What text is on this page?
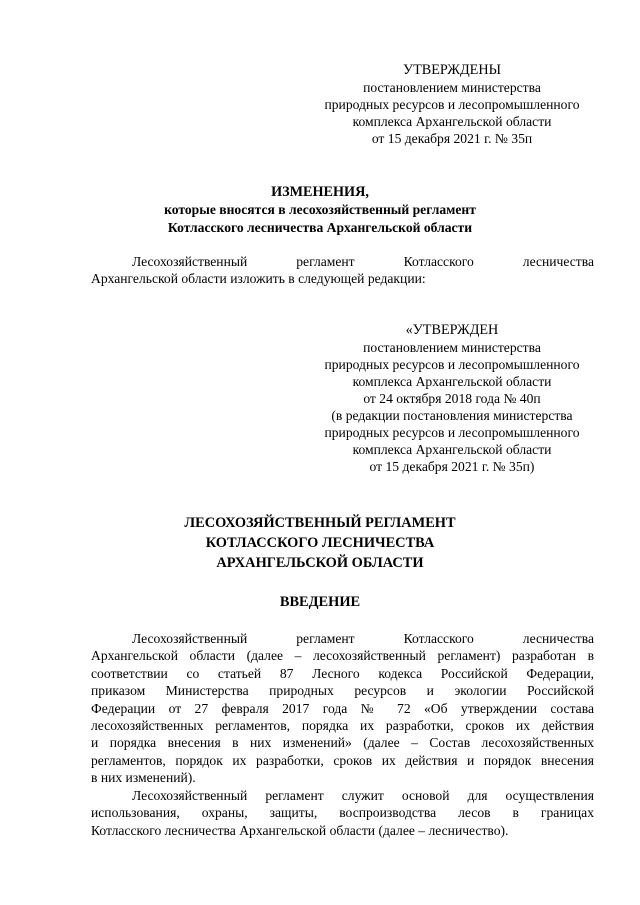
УТВЕРЖДЕНЫ
постановлением министерства
природных ресурсов и лесопромышленного
комплекса Архангельской области
от 15 декабря 2021 г. № 35п
ИЗМЕНЕНИЯ,
которые вносятся в лесохозяйственный регламент
Котласского лесничества Архангельской области
Лесохозяйственный регламент Котласского лесничества
Архангельской области изложить в следующей редакции:
«УТВЕРЖДЕН
постановлением министерства
природных ресурсов и лесопромышленного
комплекса Архангельской области
от 24 октября 2018 года № 40п
(в редакции постановления министерства
природных ресурсов и лесопромышленного
комплекса Архангельской области
от 15 декабря 2021 г. № 35п)
ЛЕСОХОЗЯЙСТВЕННЫЙ РЕГЛАМЕНТ
КОТЛАССКОГО ЛЕСНИЧЕСТВА
АРХАНГЕЛЬСКОЙ ОБЛАСТИ
ВВЕДЕНИЕ
Лесохозяйственный регламент Котласского лесничества
Архангельской области (далее – лесохозяйственный регламент) разработан в
соответствии со статьей 87 Лесного кодекса Российской Федерации,
приказом Министерства природных ресурсов и экологии Российской
Федерации от 27 февраля 2017 года № 72 «Об утверждении состава
лесохозяйственных регламентов, порядка их разработки, сроков их действия
и порядка внесения в них изменений» (далее – Состав лесохозяйственных
регламентов, порядок их разработки, сроков их действия и порядок внесения
в них изменений).
Лесохозяйственный регламент служит основой для осуществления
использования, охраны, защиты, воспроизводства лесов в границах
Котласского лесничества Архангельской области (далее – лесничество).
